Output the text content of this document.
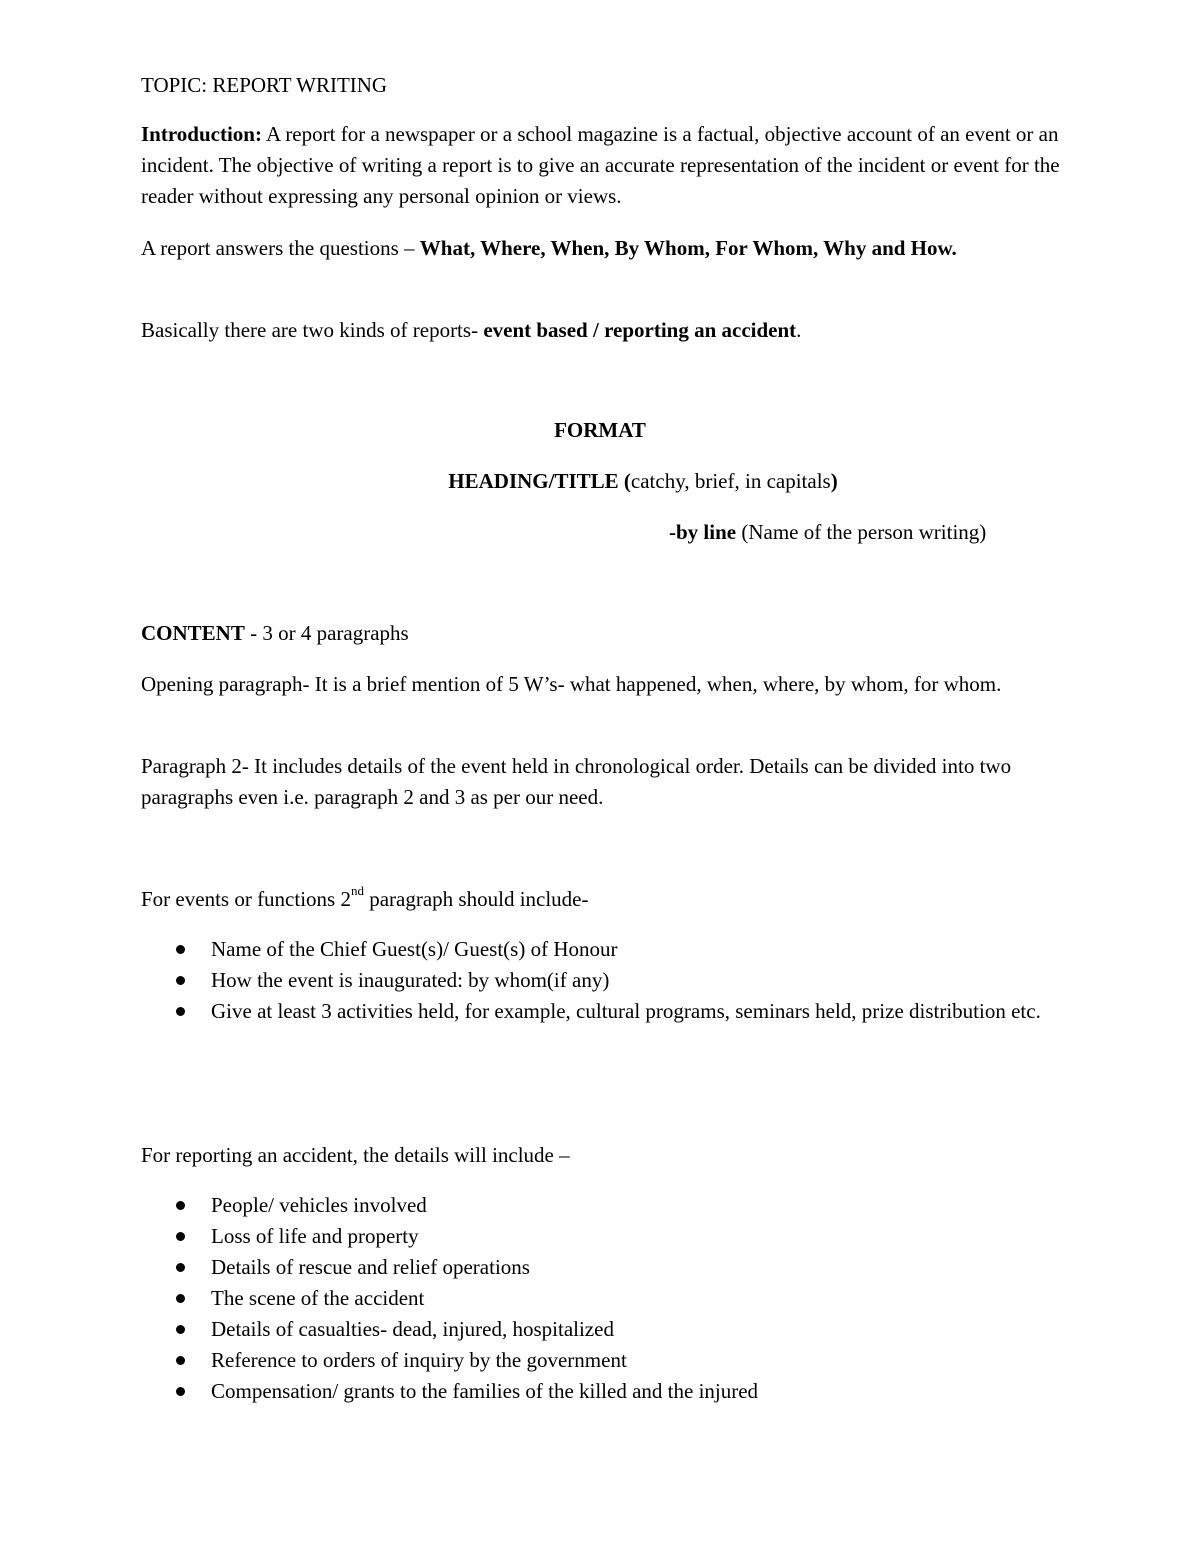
TOPIC: REPORT WRITING

Introduction: A report for a newspaper or a school magazine is a factual, objective account of an event or an incident. The objective of writing a report is to give an accurate representation of the incident or event for the reader without expressing any personal opinion or views.

A report answers the questions – What, Where, When, By Whom, For Whom, Why and How.

Basically there are two kinds of reports- event based / reporting an accident.

FORMAT

HEADING/TITLE (catchy, brief, in capitals)

-by line (Name of the person writing)

CONTENT - 3 or 4 paragraphs

Opening paragraph- It is a brief mention of 5 W’s- what happened, when, where, by whom, for whom.

Paragraph 2- It includes details of the event held in chronological order. Details can be divided into two paragraphs even i.e. paragraph 2 and 3 as per our need.

For events or functions 2nd paragraph should include-

Name of the Chief Guest(s)/ Guest(s) of Honour
How the event is inaugurated: by whom(if any)
Give at least 3 activities held, for example, cultural programs, seminars held, prize distribution etc.

For reporting an accident, the details will include –

People/ vehicles involved
Loss of life and property
Details of rescue and relief operations
The scene of the accident
Details of casualties- dead, injured, hospitalized
Reference to orders of inquiry by the government
Compensation/ grants to the families of the killed and the injured
